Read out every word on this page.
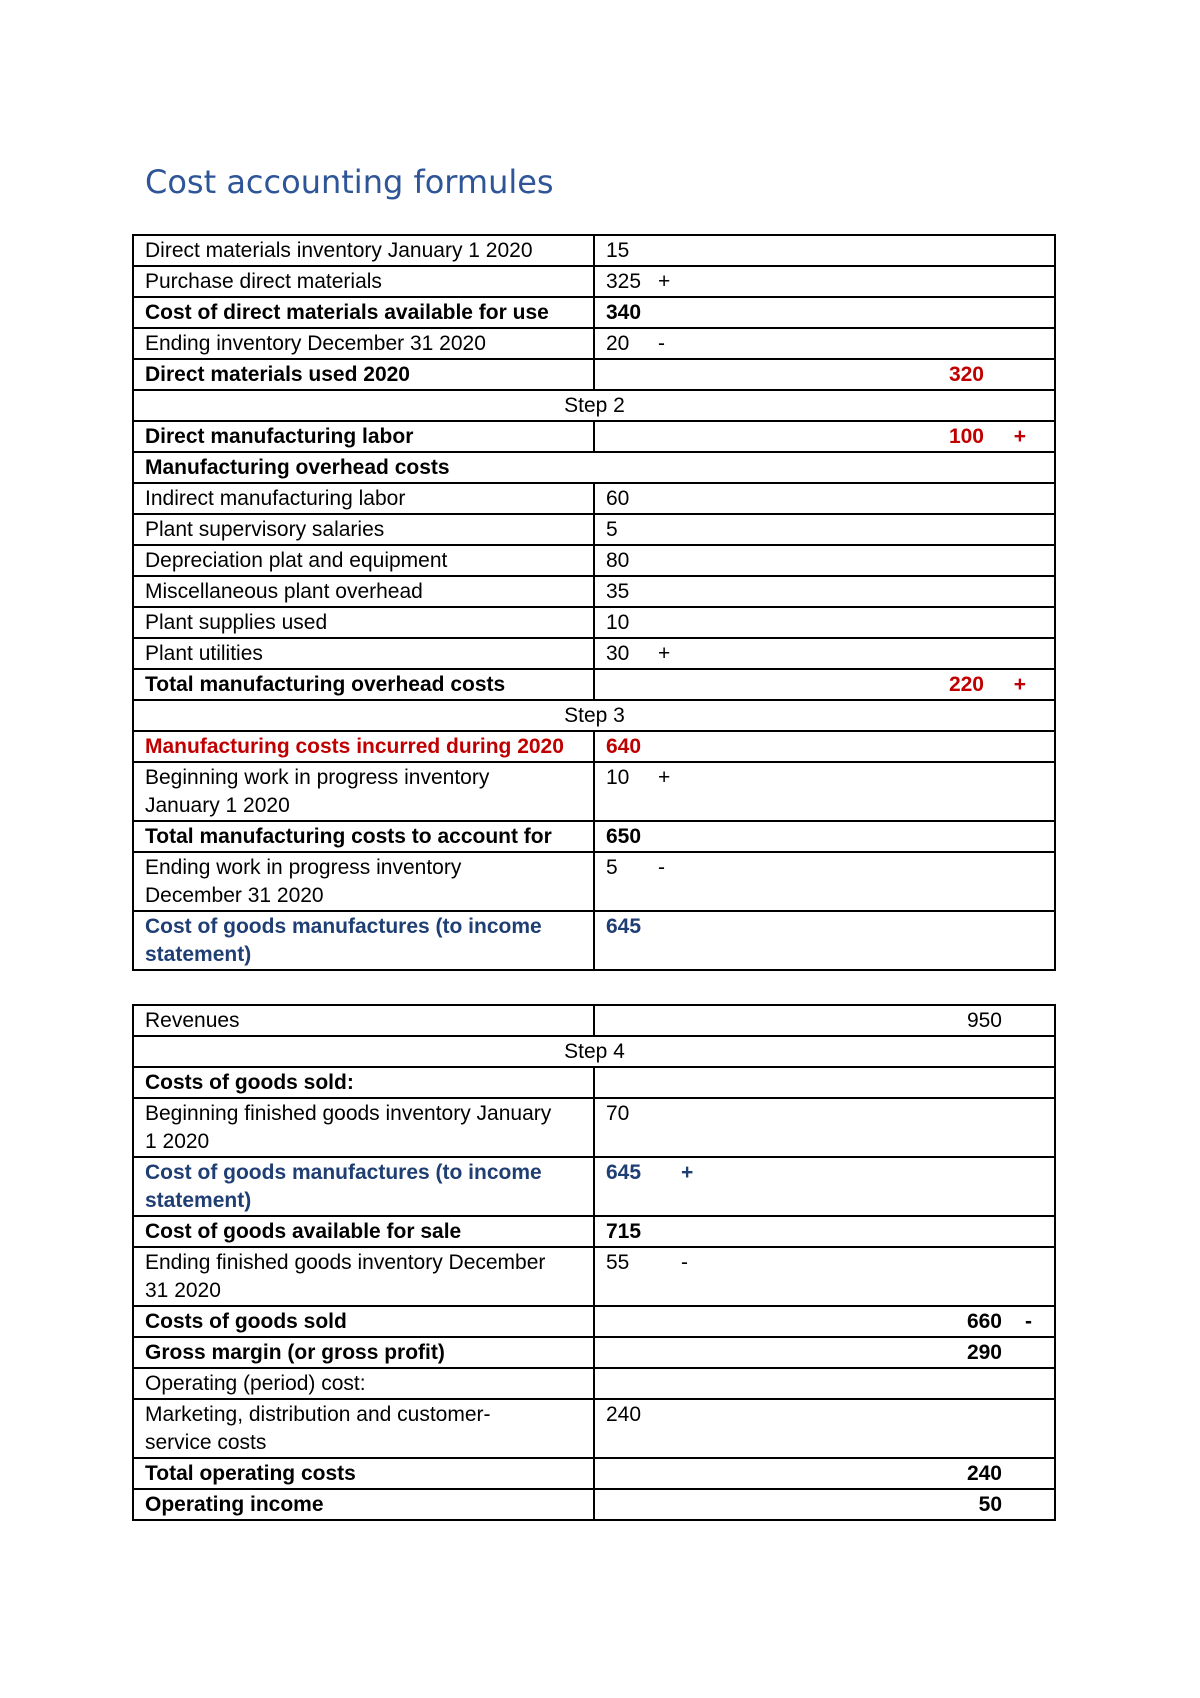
Cost accounting formules
Direct materials inventory January 1 2020	15
Purchase direct materials	325 +
Cost of direct materials available for use	340
Ending inventory December 31 2020	20 -
Direct materials used 2020	320
Step 2	
Direct manufacturing labor	100 +
Manufacturing overhead costs	
Indirect manufacturing labor	60
Plant supervisory salaries	5
Depreciation plat and equipment	80
Miscellaneous plant overhead	35
Plant supplies used	10
Plant utilities	30 +
Total manufacturing overhead costs	220 +
Step 3	
Manufacturing costs incurred during 2020	640
Beginning work in progress inventory
January 1 2020	10 +
Total manufacturing costs to account for	650
Ending work in progress inventory
December 31 2020	5 -
Cost of goods manufactures (to income
statement)	645
Revenues	950
Step 4	
Costs of goods sold:	
Beginning finished goods inventory January
1 2020	70
Cost of goods manufactures (to income
statement)	645 +
Cost of goods available for sale	715
Ending finished goods inventory December
31 2020	55 -
Costs of goods sold	660 -
Gross margin (or gross profit)	290
Operating (period) cost:	
Marketing, distribution and customer-
service costs	240
Total operating costs	240
Operating income	50
